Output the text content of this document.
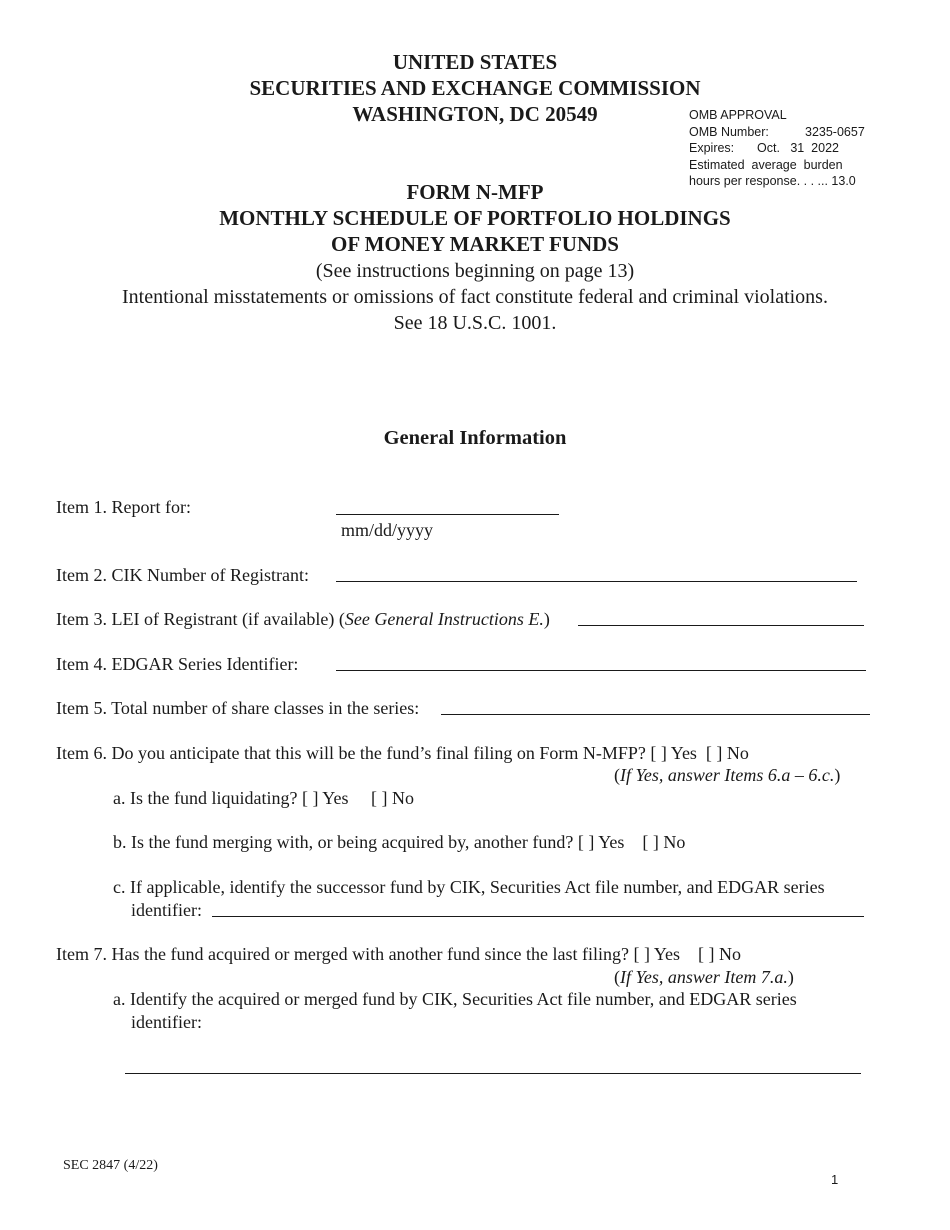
UNITED STATES
SECURITIES AND EXCHANGE COMMISSION
WASHINGTON, DC 20549	OMB APPROVAL
OMB Number:	3235-0657
Expires:	Oct.   31  2022
Estimated  average  burden
hours per response. . . ... 13.0
FORM N-MFP
MONTHLY SCHEDULE OF PORTFOLIO HOLDINGS
OF MONEY MARKET FUNDS
(See instructions beginning on page 13)
Intentional misstatements or omissions of fact constitute federal and criminal violations.
See 18 U.S.C. 1001.
General Information
Item 1. Report for:
mm/dd/yyyy
Item 2. CIK Number of Registrant:
Item 3. LEI of Registrant (if available) (See General Instructions E.)
Item 4. EDGAR Series Identifier:
Item 5. Total number of share classes in the series:
Item 6. Do you anticipate that this will be the fund’s final filing on Form N-MFP? [ ] Yes  [ ] No
(If Yes, answer Items 6.a – 6.c.)
a. Is the fund liquidating? [ ] Yes     [ ] No
b. Is the fund merging with, or being acquired by, another fund? [ ] Yes    [ ] No
c. If applicable, identify the successor fund by CIK, Securities Act file number, and EDGAR series
identifier:
Item 7. Has the fund acquired or merged with another fund since the last filing? [ ] Yes    [ ] No
(If Yes, answer Item 7.a.)
a. Identify the acquired or merged fund by CIK, Securities Act file number, and EDGAR series
identifier:
SEC 2847 (4/22)
1
